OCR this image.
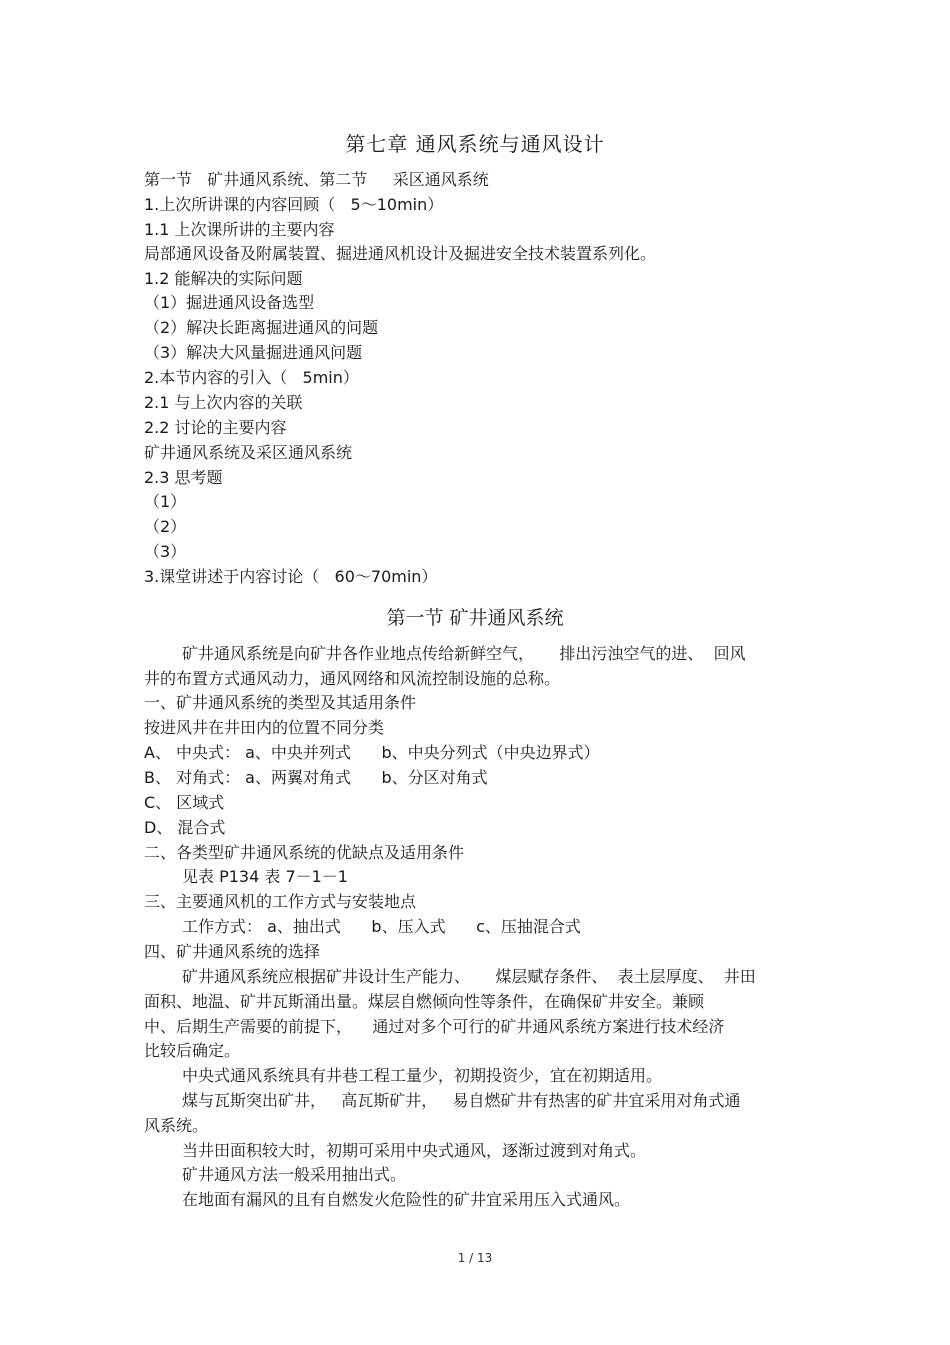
第七章 通风系统与通风设计
第一节   矿井通风系统、第二节     采区通风系统
1.上次所讲课的内容回顾（   5～10min）
1.1 上次课所讲的主要内容
局部通风设备及附属装置、掘进通风机设计及掘进安全技术装置系列化。
1.2 能解决的实际问题
（1）掘进通风设备选型
（2）解决长距离掘进通风的问题
（3）解决大风量掘进通风问题
2.本节内容的引入（   5min）
2.1 与上次内容的关联
2.2 讨论的主要内容
矿井通风系统及采区通风系统
2.3 思考题
（1）
（2）
（3）
3.课堂讲述于内容讨论（   60～70min）
第一节 矿井通风系统
矿井通风系统是向矿井各作业地点传给新鲜空气，     排出污浊空气的进、  回风
井的布置方式通风动力，通风网络和风流控制设施的总称。
一、矿井通风系统的类型及其适用条件
按进风井在井田内的位置不同分类
A、 中央式： a、中央并列式      b、中央分列式（中央边界式）
B、 对角式： a、两翼对角式      b、分区对角式
C、 区域式
D、 混合式
二、各类型矿井通风系统的优缺点及适用条件
见表 P134 表 7－1－1
三、主要通风机的工作方式与安装地点
工作方式： a、抽出式      b、压入式      c、压抽混合式
四、矿井通风系统的选择
矿井通风系统应根据矿井设计生产能力、     煤层赋存条件、  表土层厚度、  井田
面积、地温、矿井瓦斯涌出量。煤层自燃倾向性等条件，在确保矿井安全。兼顾
中、后期生产需要的前提下，    通过对多个可行的矿井通风系统方案进行技术经济
比较后确定。
中央式通风系统具有井巷工程工量少，初期投资少，宜在初期适用。
煤与瓦斯突出矿井，   高瓦斯矿井，   易自燃矿井有热害的矿井宜采用对角式通
风系统。
当井田面积较大时，初期可采用中央式通风，逐渐过渡到对角式。
矿井通风方法一般采用抽出式。
在地面有漏风的且有自燃发火危险性的矿井宜采用压入式通风。
1 / 13
